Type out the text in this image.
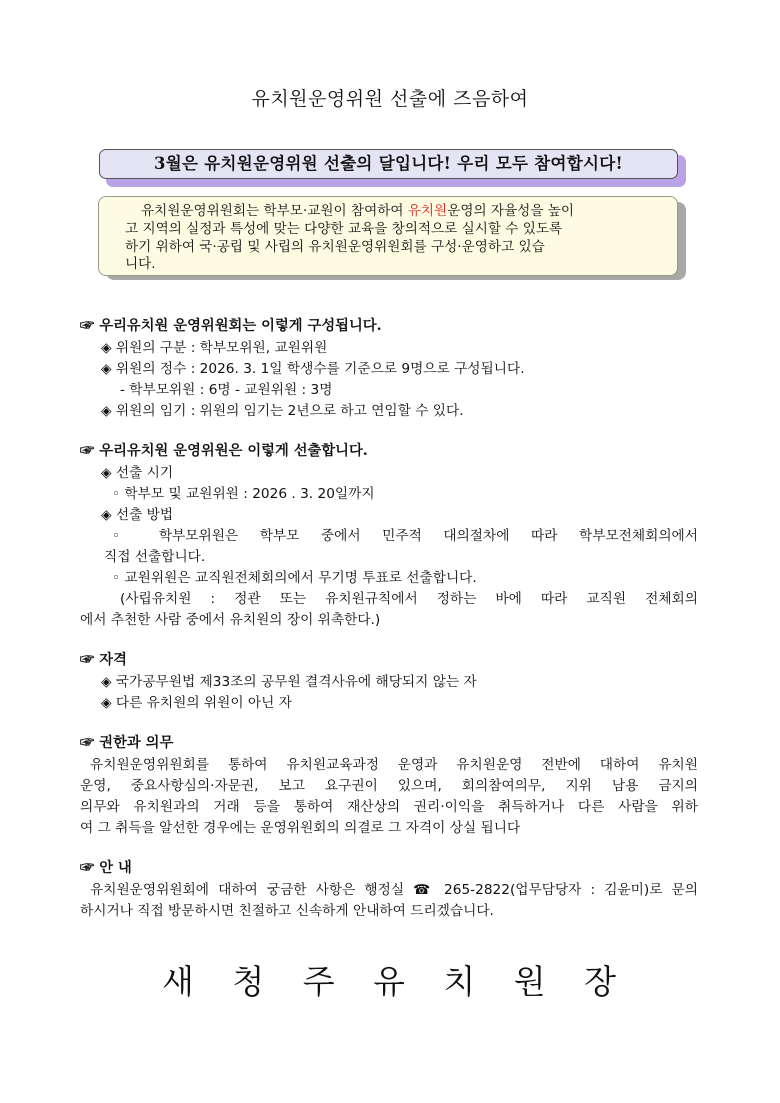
유치원운영위원 선출에 즈음하여
3월은 유치원운영위원 선출의 달입니다! 우리 모두 참여합시다!
유치원운영위원회는 학부모·교원이 참여하여 유치원운영의 자율성을 높이
고 지역의 실정과 특성에 맞는 다양한 교육을 창의적으로 실시할 수 있도록
하기 위하여 국·공립 및 사립의 유치원운영위원회를 구성·운영하고 있습
니다.
☞ 우리유치원 운영위원회는 이렇게 구성됩니다.
◈ 위원의 구분 : 학부모위원, 교원위원
◈ 위원의 정수 : 2026. 3. 1일 학생수를 기준으로 9명으로 구성됩니다.
- 학부모위원 : 6명 - 교원위원 : 3명
◈ 위원의 임기 : 위원의 임기는 2년으로 하고 연임할 수 있다.
☞ 우리유치원 운영위원은 이렇게 선출합니다.
◈ 선출 시기
◦ 학부모 및 교원위원 : 2026 . 3. 20일까지
◈ 선출 방법
◦ 학부모위원은 학부모 중에서 민주적 대의절차에 따라 학부모전체회의에서
직접 선출합니다.
◦ 교원위원은 교직원전체회의에서 무기명 투표로 선출합니다.
(사립유치원 : 정관 또는 유치원규칙에서 정하는 바에 따라 교직원 전체회의
에서 추천한 사람 중에서 유치원의 장이 위촉한다.)
☞ 자격
◈ 국가공무원법 제33조의 공무원 결격사유에 해당되지 않는 자
◈ 다른 유치원의 위원이 아닌 자
☞ 권한과 의무
유치원운영위원회를 통하여 유치원교육과정 운영과 유치원운영 전반에 대하여 유치원
운영, 중요사항심의·자문권, 보고 요구권이 있으며, 회의참여의무, 지위 남용 금지의
의무와 유치원과의 거래 등을 통하여 재산상의 권리·이익을 취득하거나 다른 사람을 위하
여 그 취득을 알선한 경우에는 운영위원회의 의결로 그 자격이 상실 됩니다
☞ 안 내
유치원운영위원회에 대하여 궁금한 사항은 행정실 ☎ 265-2822(업무담당자 : 김윤미)로 문의
하시거나 직접 방문하시면 친절하고 신속하게 안내하여 드리겠습니다.
새 청 주 유 치 원 장
